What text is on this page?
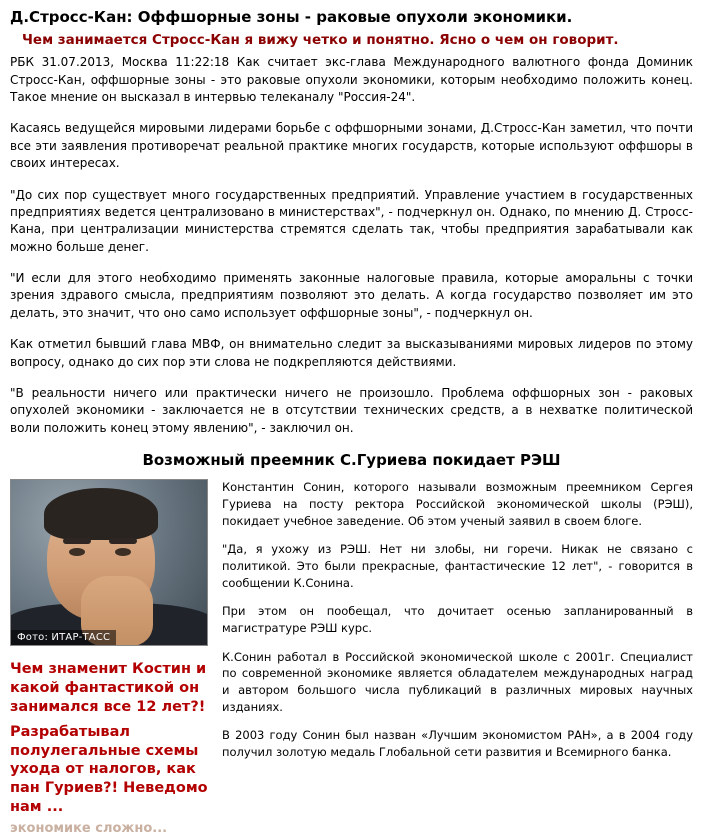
Д.Стросс-Кан: Оффшорные зоны - раковые опухоли экономики.
Чем занимается Стросс-Кан я вижу четко и понятно. Ясно о чем он говорит.

РБК 31.07.2013, Москва 11:22:18 Как считает экс-глава Международного валютного фонда Доминик Стросс-Кан, оффшорные зоны - это раковые опухоли экономики, которым необходимо положить конец. Такое мнение он высказал в интервью телеканалу "Россия-24".

Касаясь ведущейся мировыми лидерами борьбе с оффшорными зонами, Д.Стросс-Кан заметил, что почти все эти заявления противоречат реальной практике многих государств, которые используют оффшоры в своих интересах.

"До сих пор существует много государственных предприятий. Управление участием в государственных предприятиях ведется централизовано в министерствах", - подчеркнул он. Однако, по мнению Д. Стросс-Кана, при централизации министерства стремятся сделать так, чтобы предприятия зарабатывали как можно больше денег.

"И если для этого необходимо применять законные налоговые правила, которые аморальны с точки зрения здравого смысла, предприятиям позволяют это делать. А когда государство позволяет им это делать, это значит, что оно само использует оффшорные зоны", - подчеркнул он.

Как отметил бывший глава МВФ, он внимательно следит за высказываниями мировых лидеров по этому вопросу, однако до сих пор эти слова не подкрепляются действиями.

"В реальности ничего или практически ничего не произошло. Проблема оффшорных зон - раковых опухолей экономики - заключается не в отсутствии технических средств, а в нехватке политической воли положить конец этому явлению", - заключил он.

Возможный преемник С.Гуриева покидает РЭШ
Фото: ИТАР-ТАСС
Чем знаменит Костин и какой фантастикой он занимался все 12 лет?!
Разрабатывал полулегальные схемы ухода от налогов, как пан Гуриев?! Неведомо нам ...
экономике сложно...

Константин Сонин, которого называли возможным преемником Сергея Гуриева на посту ректора Российской экономической школы (РЭШ), покидает учебное заведение. Об этом ученый заявил в своем блоге.

"Да, я ухожу из РЭШ. Нет ни злобы, ни горечи. Никак не связано с политикой. Это были прекрасные, фантастические 12 лет", - говорится в сообщении К.Сонина.

При этом он пообещал, что дочитает осенью запланированный в магистратуре РЭШ курс.

К.Сонин работал в Российской экономической школе с 2001г. Специалист по современной экономике является обладателем международных наград и автором большого числа публикаций в различных мировых научных изданиях.

В 2003 году Сонин был назван «Лучшим экономистом РАН», а в 2004 году получил золотую медаль Глобальной сети развития и Всемирного банка.
